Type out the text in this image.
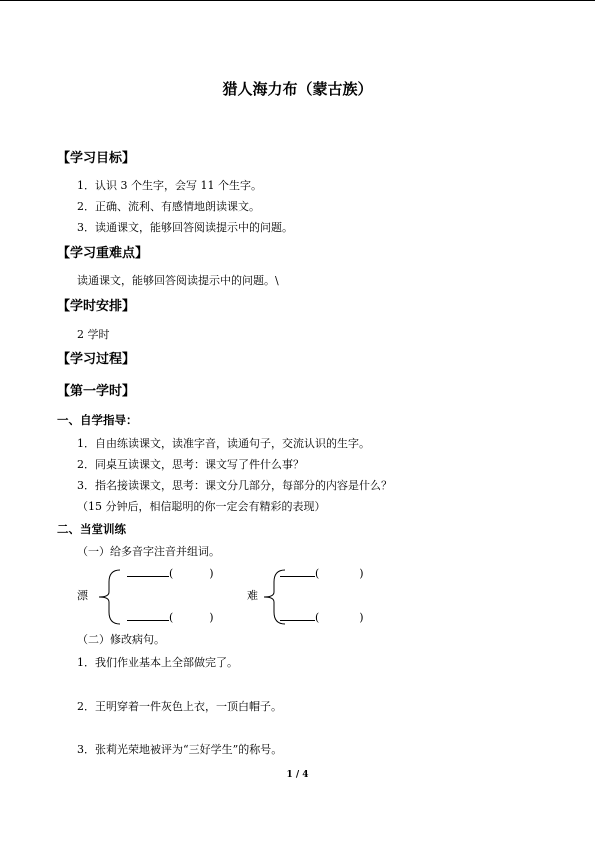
猎人海力布（蒙古族）
【学习目标】
1．认识 3 个生字，会写 11 个生字。
2．正确、流利、有感情地朗读课文。
3．读通课文，能够回答阅读提示中的问题。
【学习重难点】
读通课文，能够回答阅读提示中的问题。\
【学时安排】
2 学时
【学习过程】
【第一学时】
一、自学指导：
1．自由练读课文，读准字音，读通句子，交流认识的生字。
2．同桌互读课文，思考：课文写了件什么事？
3．指名接读课文，思考：课文分几部分，每部分的内容是什么？
（15 分钟后，相信聪明的你一定会有精彩的表现）
二、当堂训练
（一）给多音字注音并组词。
漂
(	)
(	)
难
(	)
(	)
（二）修改病句。
1．我们作业基本上全部做完了。
2．王明穿着一件灰色上衣，一顶白帽子。
3．张莉光荣地被评为“三好学生”的称号。
1 / 4
